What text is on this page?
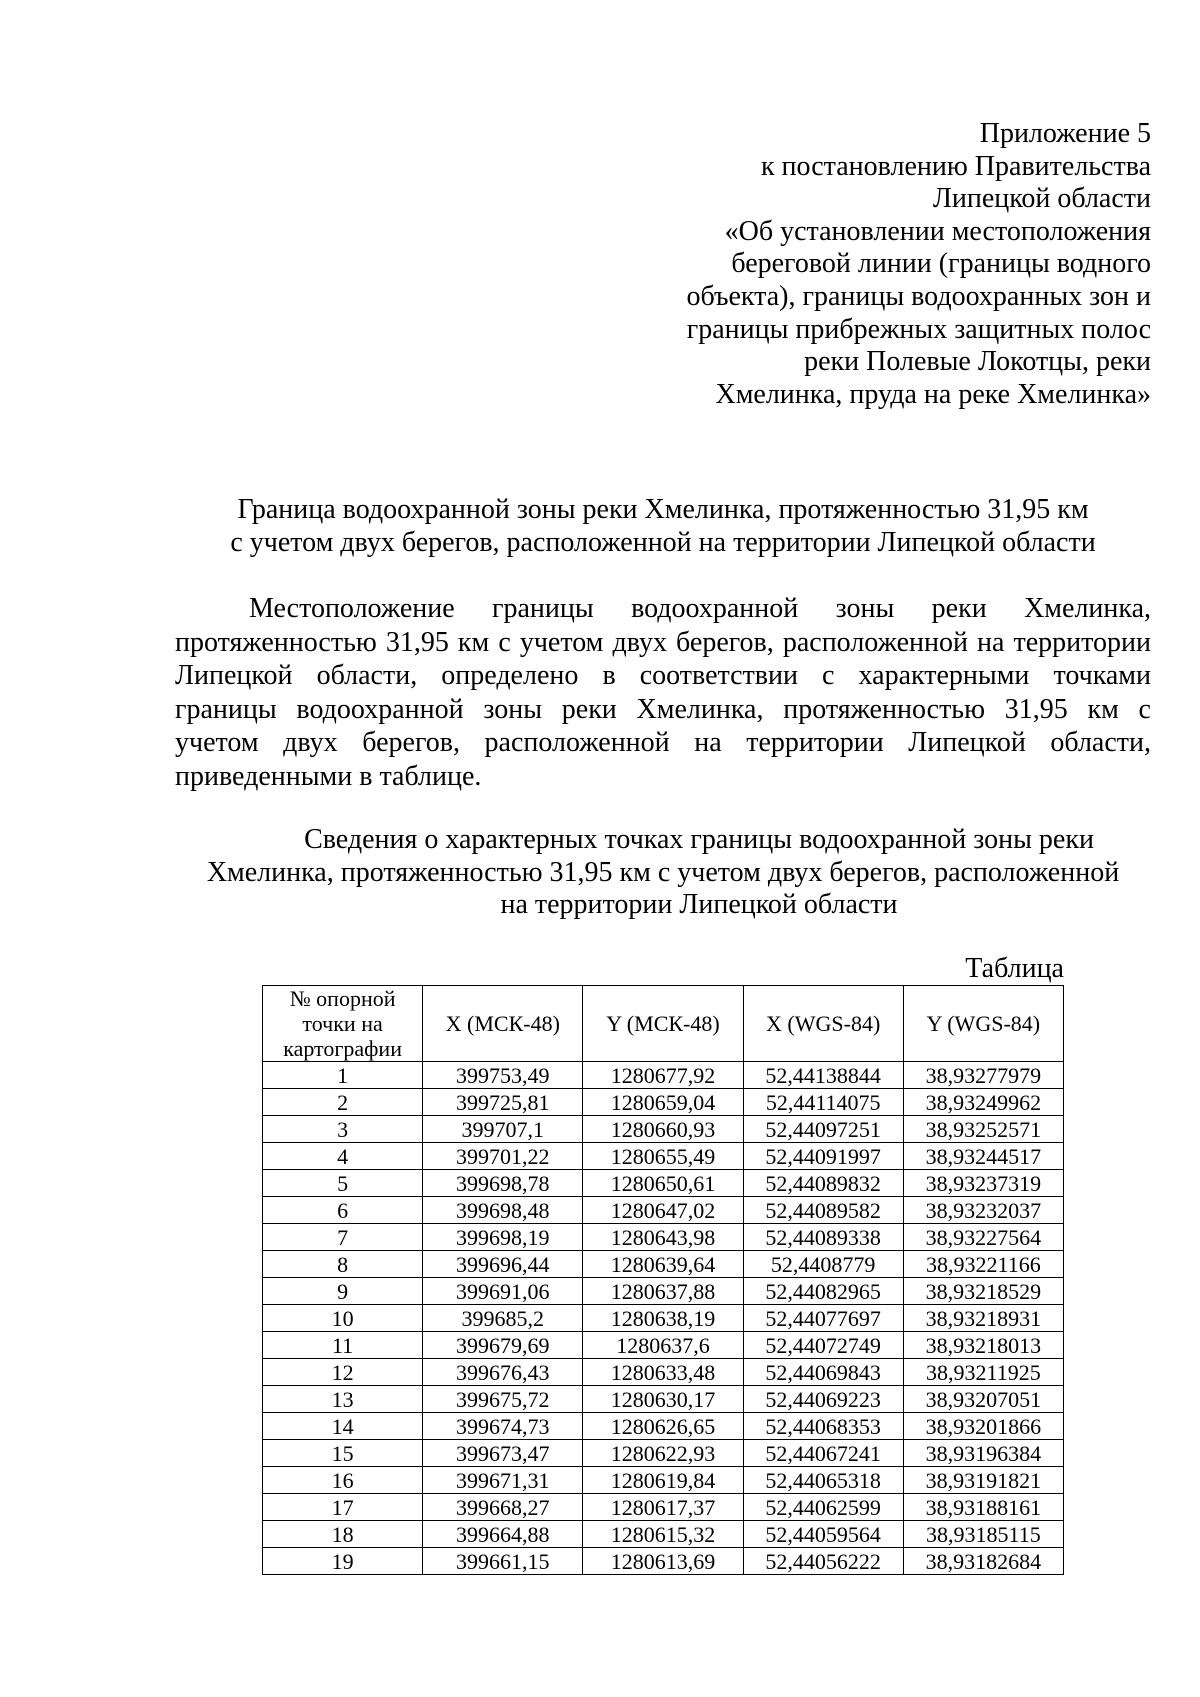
Приложение 5
к постановлению Правительства
Липецкой области
«Об установлении местоположения
береговой линии (границы водного
объекта), границы водоохранных зон и
границы прибрежных защитных полос
реки Полевые Локотцы, реки
Хмелинка, пруда на реке Хмелинка»
Граница водоохранной зоны реки Хмелинка, протяженностью 31,95 км
с учетом двух берегов, расположенной на территории Липецкой области
Местоположение границы водоохранной зоны реки Хмелинка,
протяженностью 31,95 км с учетом двух берегов, расположенной на территории
Липецкой области, определено в соответствии с характерными точками
границы водоохранной зоны реки Хмелинка, протяженностью 31,95 км с
учетом двух берегов, расположенной на территории Липецкой области,
приведенными в таблице.
Сведения о характерных точках границы водоохранной зоны реки
Хмелинка, протяженностью 31,95 км с учетом двух берегов, расположенной
на территории Липецкой области
Таблица
№ опорной точки на картографии	X (МСК-48)	Y (МСК-48)	X (WGS-84)	Y (WGS-84)
1	399753,49	1280677,92	52,44138844	38,93277979
2	399725,81	1280659,04	52,44114075	38,93249962
3	399707,1	1280660,93	52,44097251	38,93252571
4	399701,22	1280655,49	52,44091997	38,93244517
5	399698,78	1280650,61	52,44089832	38,93237319
6	399698,48	1280647,02	52,44089582	38,93232037
7	399698,19	1280643,98	52,44089338	38,93227564
8	399696,44	1280639,64	52,4408779	38,93221166
9	399691,06	1280637,88	52,44082965	38,93218529
10	399685,2	1280638,19	52,44077697	38,93218931
11	399679,69	1280637,6	52,44072749	38,93218013
12	399676,43	1280633,48	52,44069843	38,93211925
13	399675,72	1280630,17	52,44069223	38,93207051
14	399674,73	1280626,65	52,44068353	38,93201866
15	399673,47	1280622,93	52,44067241	38,93196384
16	399671,31	1280619,84	52,44065318	38,93191821
17	399668,27	1280617,37	52,44062599	38,93188161
18	399664,88	1280615,32	52,44059564	38,93185115
19	399661,15	1280613,69	52,44056222	38,93182684
